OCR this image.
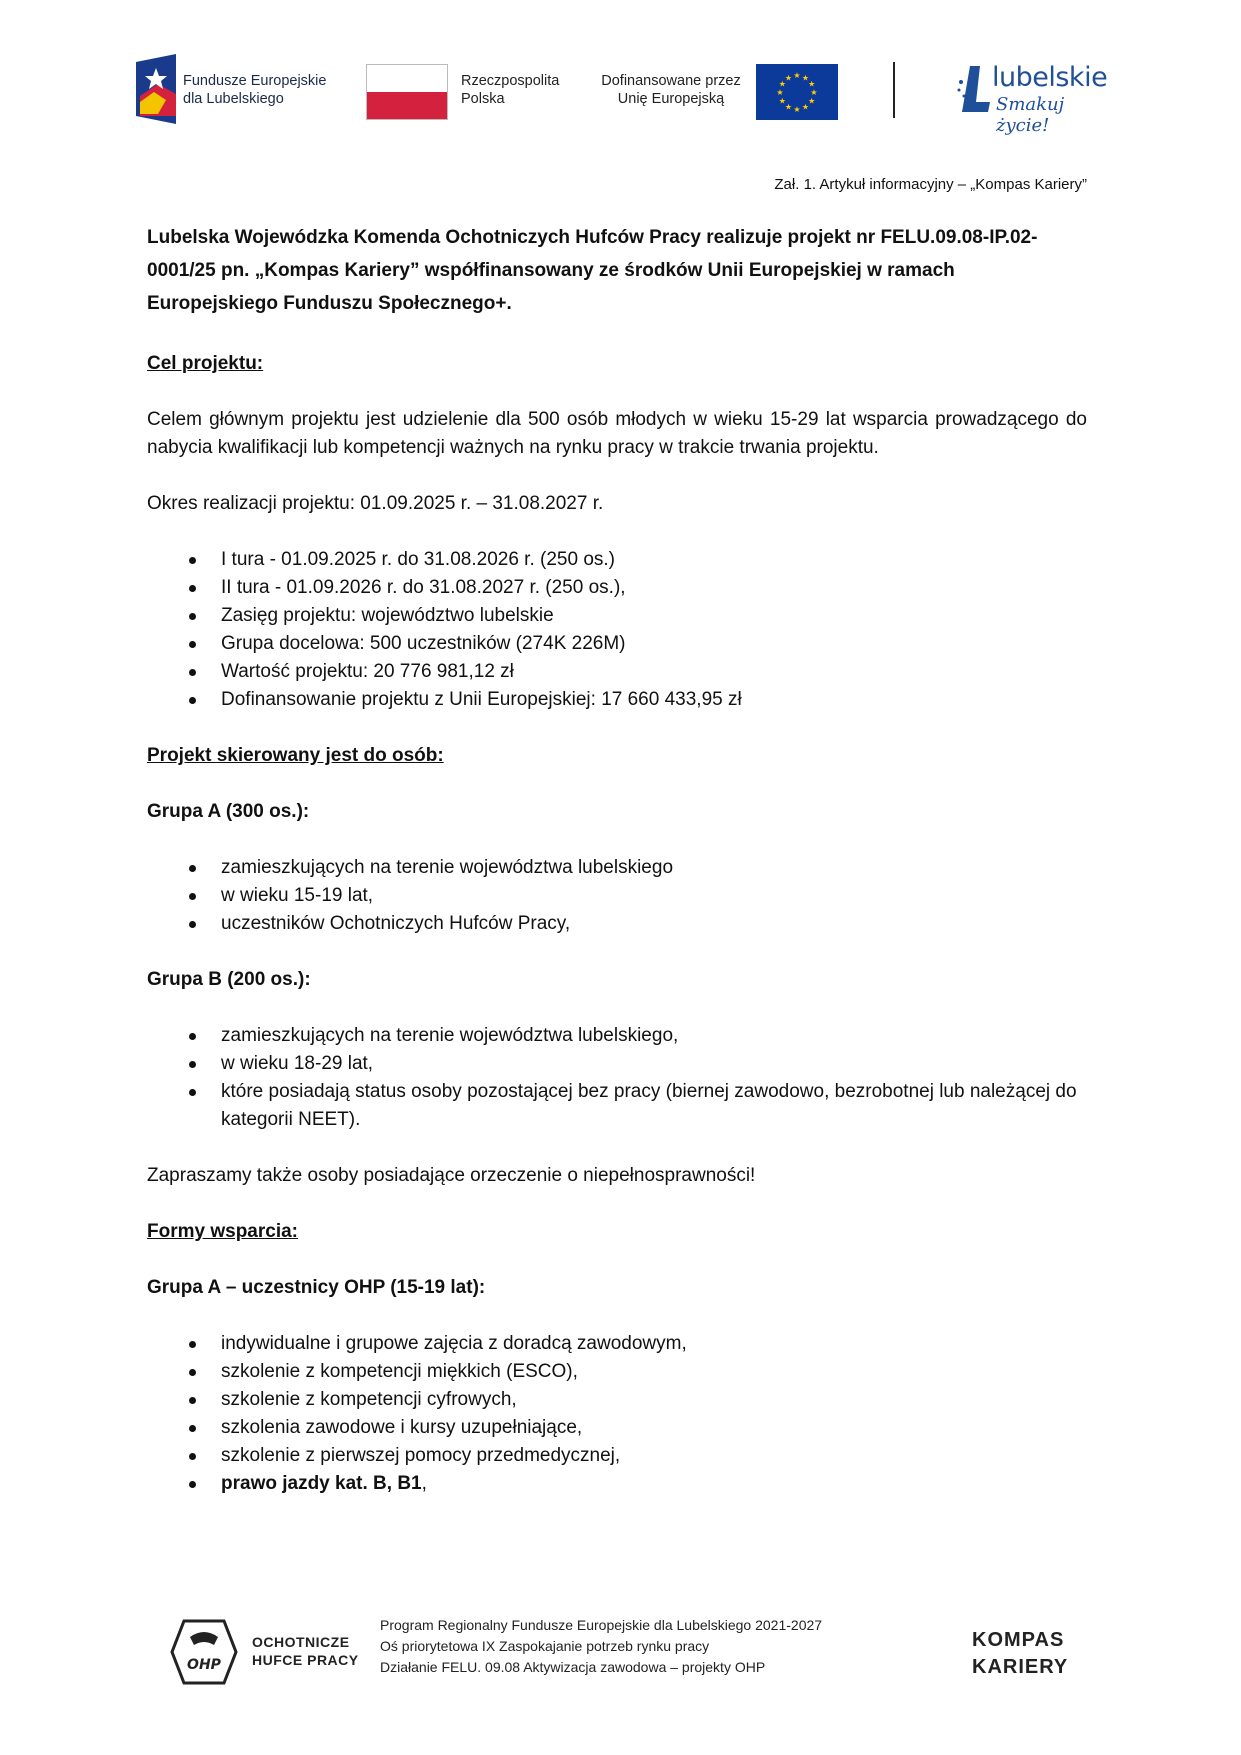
Fundusze Europejskie
dla Lubelskiego
Rzeczpospolita
Polska
Dofinansowane przez
Unię Europejską	★
★
★
★
★
★
★
★
★ ★ ★
★	lubelskie
Smakuj życie!

Zał. 1. Artykuł informacyjny – „Kompas Kariery”

Lubelska Wojewódzka Komenda Ochotniczych Hufców Pracy realizuje projekt nr FELU.09.08-IP.02-0001/25 pn. „Kompas Kariery” współfinansowany ze środków Unii Europejskiej w ramach Europejskiego Funduszu Społecznego+.

Cel projektu:

Celem głównym projektu jest udzielenie dla 500 osób młodych w wieku 15-29 lat wsparcia prowadzącego do nabycia kwalifikacji lub kompetencji ważnych na rynku pracy w trakcie trwania projektu.

Okres realizacji projektu: 01.09.2025 r. – 31.08.2027 r.

I tura - 01.09.2025 r. do 31.08.2026 r. (250 os.)
II tura - 01.09.2026 r. do 31.08.2027 r. (250 os.),
Zasięg projektu: województwo lubelskie
Grupa docelowa: 500 uczestników (274K 226M)
Wartość projektu: 20 776 981,12 zł
Dofinansowanie projektu z Unii Europejskiej: 17 660 433,95 zł

Projekt skierowany jest do osób:

Grupa A (300 os.):

zamieszkujących na terenie województwa lubelskiego
w wieku 15-19 lat,
uczestników Ochotniczych Hufców Pracy,

Grupa B (200 os.):

zamieszkujących na terenie województwa lubelskiego,
w wieku 18-29 lat,
które posiadają status osoby pozostającej bez pracy (biernej zawodowo, bezrobotnej lub należącej do kategorii NEET).

Zapraszamy także osoby posiadające orzeczenie o niepełnosprawności!

Formy wsparcia:

Grupa A – uczestnicy OHP (15-19 lat):

indywidualne i grupowe zajęcia z doradcą zawodowym,
szkolenie z kompetencji miękkich (ESCO),
szkolenie z kompetencji cyfrowych,
szkolenia zawodowe i kursy uzupełniające,
szkolenie z pierwszej pomocy przedmedycznej,
prawo jazdy kat. B, B1,
OHP
OCHOTNICZE
HUFCE PRACY
Program Regionalny Fundusze Europejskie dla Lubelskiego 2021-2027
Oś priorytetowa IX Zaspokajanie potrzeb rynku pracy
Działanie FELU. 09.08 Aktywizacja zawodowa – projekty OHP
KOMPAS
KARIERY
